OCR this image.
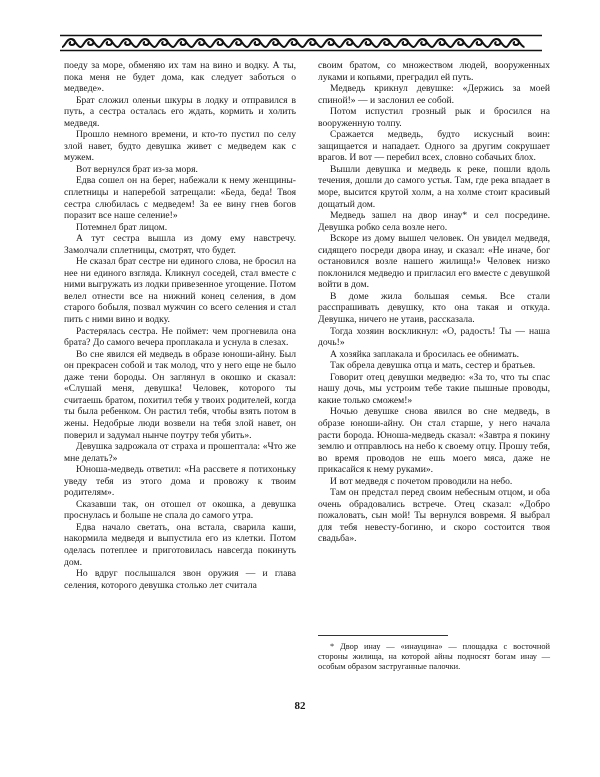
поеду за море, обменяю их там на вино и водку. А ты, пока меня не будет дома, как следует заботься о медведе».

Брат сложил оленьи шкуры в лодку и отправился в путь, а сестра осталась его ждать, кормить и холить медведя.

Прошло немного времени, и кто-то пустил по селу злой навет, будто девушка живет с медведем как с мужем.

Вот вернулся брат из-за моря.

Едва сошел он на берег, набежали к нему женщины-сплетницы и наперебой затрещали: «Беда, беда! Твоя сестра слюбилась с медведем! За ее вину гнев богов поразит все наше селение!»

Потемнел брат лицом.

А тут сестра вышла из дому ему навстречу. Замолчали сплетницы, смотрят, что будет.

Не сказал брат сестре ни единого слова, не бросил на нее ни единого взгляда. Кликнул соседей, стал вместе с ними выгружать из лодки привезенное угощение. Потом велел отнести все на нижний конец селения, в дом старого бобыля, позвал мужчин со всего селения и стал пить с ними вино и водку.

Растерялась сестра. Не поймет: чем прогневила она брата? До самого вечера проплакала и уснула в слезах.

Во сне явился ей медведь в образе юноши-айну. Был он прекрасен собой и так молод, что у него еще не было даже тени бороды. Он заглянул в окошко и сказал: «Слушай меня, девушка! Человек, которого ты считаешь братом, похитил тебя у твоих родителей, когда ты была ребенком. Он растил тебя, чтобы взять потом в жены. Недобрые люди возвели на тебя злой навет, он поверил и задумал нынче поутру тебя убить».

Девушка задрожала от страха и прошептала: «Что же мне делать?»

Юноша-медведь ответил: «На рассвете я потихоньку уведу тебя из этого дома и провожу к твоим родителям».

Сказавши так, он отошел от окошка, а девушка проснулась и больше не спала до самого утра.

Едва начало светать, она встала, сварила каши, накормила медведя и выпустила его из клетки. Потом оделась потеплее и приготовилась навсегда покинуть дом.

Но вдруг послышался звон оружия — и глава селения, которого девушка столько лет считала

своим братом, со множеством людей, вооруженных луками и копьями, преградил ей путь.

Медведь крикнул девушке: «Держись за моей спиной!» — и заслонил ее собой.

Потом испустил грозный рык и бросился на вооруженную толпу.

Сражается медведь, будто искусный воин: защищается и нападает. Одного за другим сокрушает врагов. И вот — перебил всех, словно собачьих блох.

Вышли девушка и медведь к реке, пошли вдоль течения, дошли до самого устья. Там, где река впадает в море, высится крутой холм, а на холме стоит красивый дощатый дом.

Медведь зашел на двор инау* и сел посредине. Девушка робко села возле него.

Вскоре из дому вышел человек. Он увидел медведя, сидящего посреди двора инау, и сказал: «Не иначе, бог остановился возле нашего жилища!» Человек низко поклонился медведю и пригласил его вместе с девушкой войти в дом.

В доме жила большая семья. Все стали расспрашивать девушку, кто она такая и откуда. Девушка, ничего не утаив, рассказала.

Тогда хозяин воскликнул: «О, радость! Ты — наша дочь!»

А хозяйка заплакала и бросилась ее обнимать.

Так обрела девушка отца и мать, сестер и братьев.

Говорит отец девушки медведю: «За то, что ты спас нашу дочь, мы устроим тебе такие пышные проводы, какие только сможем!»

Ночью девушке снова явился во сне медведь, в образе юноши-айну. Он стал старше, у него начала расти борода. Юноша-медведь сказал: «Завтра я покину землю и отправлюсь на небо к своему отцу. Прошу тебя, во время проводов не ешь моего мяса, даже не прикасайся к нему руками».

И вот медведя с почетом проводили на небо.

Там он предстал перед своим небесным отцом, и оба очень обрадовались встрече. Отец сказал: «Добро пожаловать, сын мой! Ты вернулся вовремя. Я выбрал для тебя невесту-богиню, и скоро состоится твоя свадьба».

* Двор инау — «инауцина» — площадка с восточной стороны жилища, на которой айны подносят богам инау — особым образом заструганные палочки.

82
